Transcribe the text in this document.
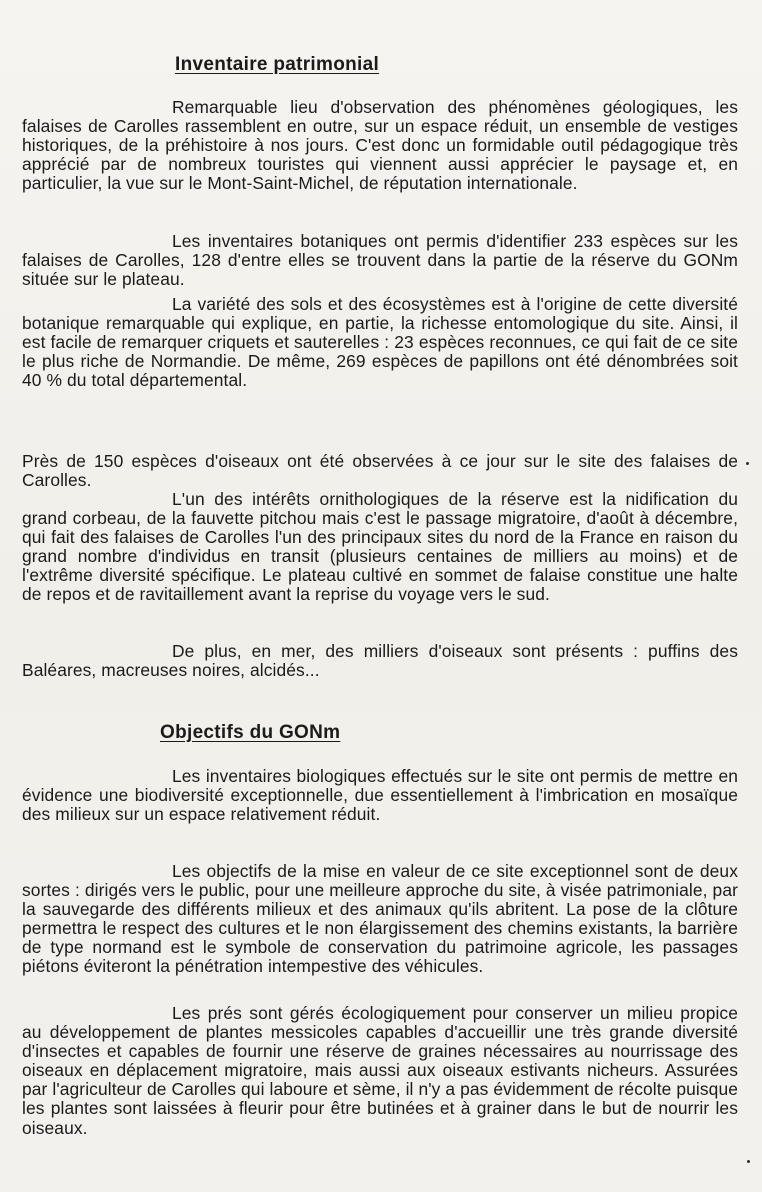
Inventaire patrimonial

Remarquable lieu d'observation des phénomènes géologiques, les falaises de Carolles rassemblent en outre, sur un espace réduit, un ensemble de vestiges historiques, de la préhistoire à nos jours. C'est donc un formidable outil pédagogique très apprécié par de nombreux touristes qui viennent aussi apprécier le paysage et, en particulier, la vue sur le Mont-Saint-Michel, de réputation internationale.

Les inventaires botaniques ont permis d'identifier 233 espèces sur les falaises de Carolles, 128 d'entre elles se trouvent dans la partie de la réserve du GONm située sur le plateau.

La variété des sols et des écosystèmes est à l'origine de cette diversité botanique remarquable qui explique, en partie, la richesse entomologique du site. Ainsi, il est facile de remarquer criquets et sauterelles : 23 espèces reconnues, ce qui fait de ce site le plus riche de Normandie. De même, 269 espèces de papillons ont été dénombrées soit 40 % du total départemental.

Près de 150 espèces d'oiseaux ont été observées à ce jour sur le site des falaises de Carolles.

L'un des intérêts ornithologiques de la réserve est la nidification du grand corbeau, de la fauvette pitchou mais c'est le passage migratoire, d'août à décembre, qui fait des falaises de Carolles l'un des principaux sites du nord de la France en raison du grand nombre d'individus en transit (plusieurs centaines de milliers au moins) et de l'extrême diversité spécifique. Le plateau cultivé en sommet de falaise constitue une halte de repos et de ravitaillement avant la reprise du voyage vers le sud.

De plus, en mer, des milliers d'oiseaux sont présents : puffins des Baléares, macreuses noires, alcidés...

Objectifs du GONm

Les inventaires biologiques effectués sur le site ont permis de mettre en évidence une biodiversité exceptionnelle, due essentiellement à l'imbrication en mosaïque des milieux sur un espace relativement réduit.

Les objectifs de la mise en valeur de ce site exceptionnel sont de deux sortes : dirigés vers le public, pour une meilleure approche du site, à visée patrimoniale, par la sauvegarde des différents milieux et des animaux qu'ils abritent. La pose de la clôture permettra le respect des cultures et le non élargissement des chemins existants, la barrière de type normand est le symbole de conservation du patrimoine agricole, les passages piétons éviteront la pénétration intempestive des véhicules.

Les prés sont gérés écologiquement pour conserver un milieu propice au développement de plantes messicoles capables d'accueillir une très grande diversité d'insectes et capables de fournir une réserve de graines nécessaires au nourrissage des oiseaux en déplacement migratoire, mais aussi aux oiseaux estivants nicheurs. Assurées par l'agriculteur de Carolles qui laboure et sème, il n'y a pas évidemment de récolte puisque les plantes sont laissées à fleurir pour être butinées et à grainer dans le but de nourrir les oiseaux.
